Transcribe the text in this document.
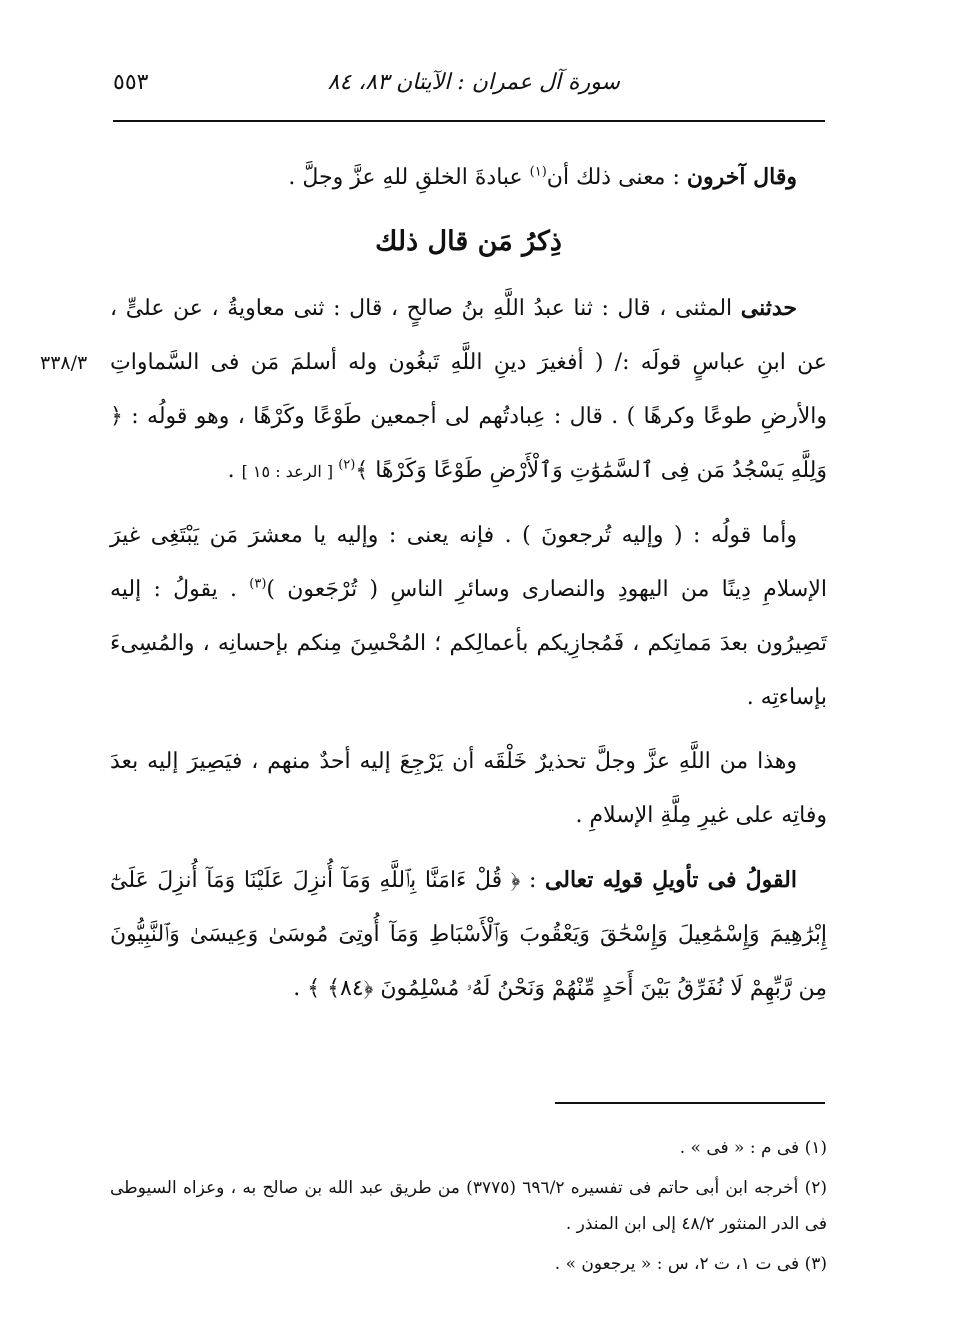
سورة آل عمران : الآيتان ٨٣، ٨٤
٥٥٣
٣٣٨/٣

وقال آخرون : معنى ذلك أن$^{(١)}$ عبادةَ الخلقِ للهِ عزَّ وجلَّ .

ذِكرُ مَن قال ذلك

حدثنى المثنى ، قال : ثنا عبدُ اللَّهِ بنُ صالحٍ ، قال : ثنى معاويةُ ، عن علىٍّ ، عن ابنِ عباسٍ قولَه :/ ( أفغيرَ دينِ اللَّهِ تَبغُون وله أسلمَ مَن فى السَّماواتِ والأرضِ طوعًا وكرهًا ) . قال : عِبادتُهم لى أجمعين طَوْعًا وكَرْهًا ، وهو قولُه : ﴿ وَلِلَّهِ يَسْجُدُ مَن فِى ٱلسَّمَٰوَٰتِ وَٱلْأَرْضِ طَوْعًا وَكَرْهًا ﴾$^{(٢)}$ [ الرعد : ١٥ ] .

وأما قولُه : ( وإليه تُرجعونَ ) . فإنه يعنى : وإليه يا معشرَ مَن يَبْتَغِى غيرَ الإسلامِ دِينًا من اليهودِ والنصارى وسائرِ الناسِ ( تُرْجَعون )$^{(٣)}$ . يقولُ : إليه تَصِيرُون بعدَ مَماتِكم ، فَمُجازِيكم بأعمالِكم ؛ المُحْسِنَ مِنكم بإحسانِه ، والمُسِىءَ بإساءتِه .

وهذا من اللَّهِ عزَّ وجلَّ تحذيرٌ خَلْقَه أن يَرْجِعَ إليه أحدٌ منهم ، فيَصِيرَ إليه بعدَ وفاتِه على غيرِ مِلَّةِ الإسلامِ .

القولُ فى تأويلِ قولِه تعالى : ﴿ قُلْ ءَامَنَّا بِٱللَّهِ وَمَآ أُنزِلَ عَلَيْنَا وَمَآ أُنزِلَ عَلَىٰٓ إِبْرَٰهِيمَ وَإِسْمَٰعِيلَ وَإِسْحَٰقَ وَيَعْقُوبَ وَٱلْأَسْبَاطِ وَمَآ أُوتِىَ مُوسَىٰ وَعِيسَىٰ وَٱلنَّبِيُّونَ مِن رَّبِّهِمْ لَا نُفَرِّقُ بَيْنَ أَحَدٍ مِّنْهُمْ وَنَحْنُ لَهُۥ مُسْلِمُونَ ﴿٨٤﴾ ﴾ .

(١) فى م : « فى » .

(٢) أخرجه ابن أبى حاتم فى تفسيره ٦٩٦/٢ (٣٧٧٥) من طريق عبد الله بن صالح به ، وعزاه السيوطى فى الدر المنثور ٤٨/٢ إلى ابن المنذر .

(٣) فى ت ١، ت ٢، س : « يرجعون » .
